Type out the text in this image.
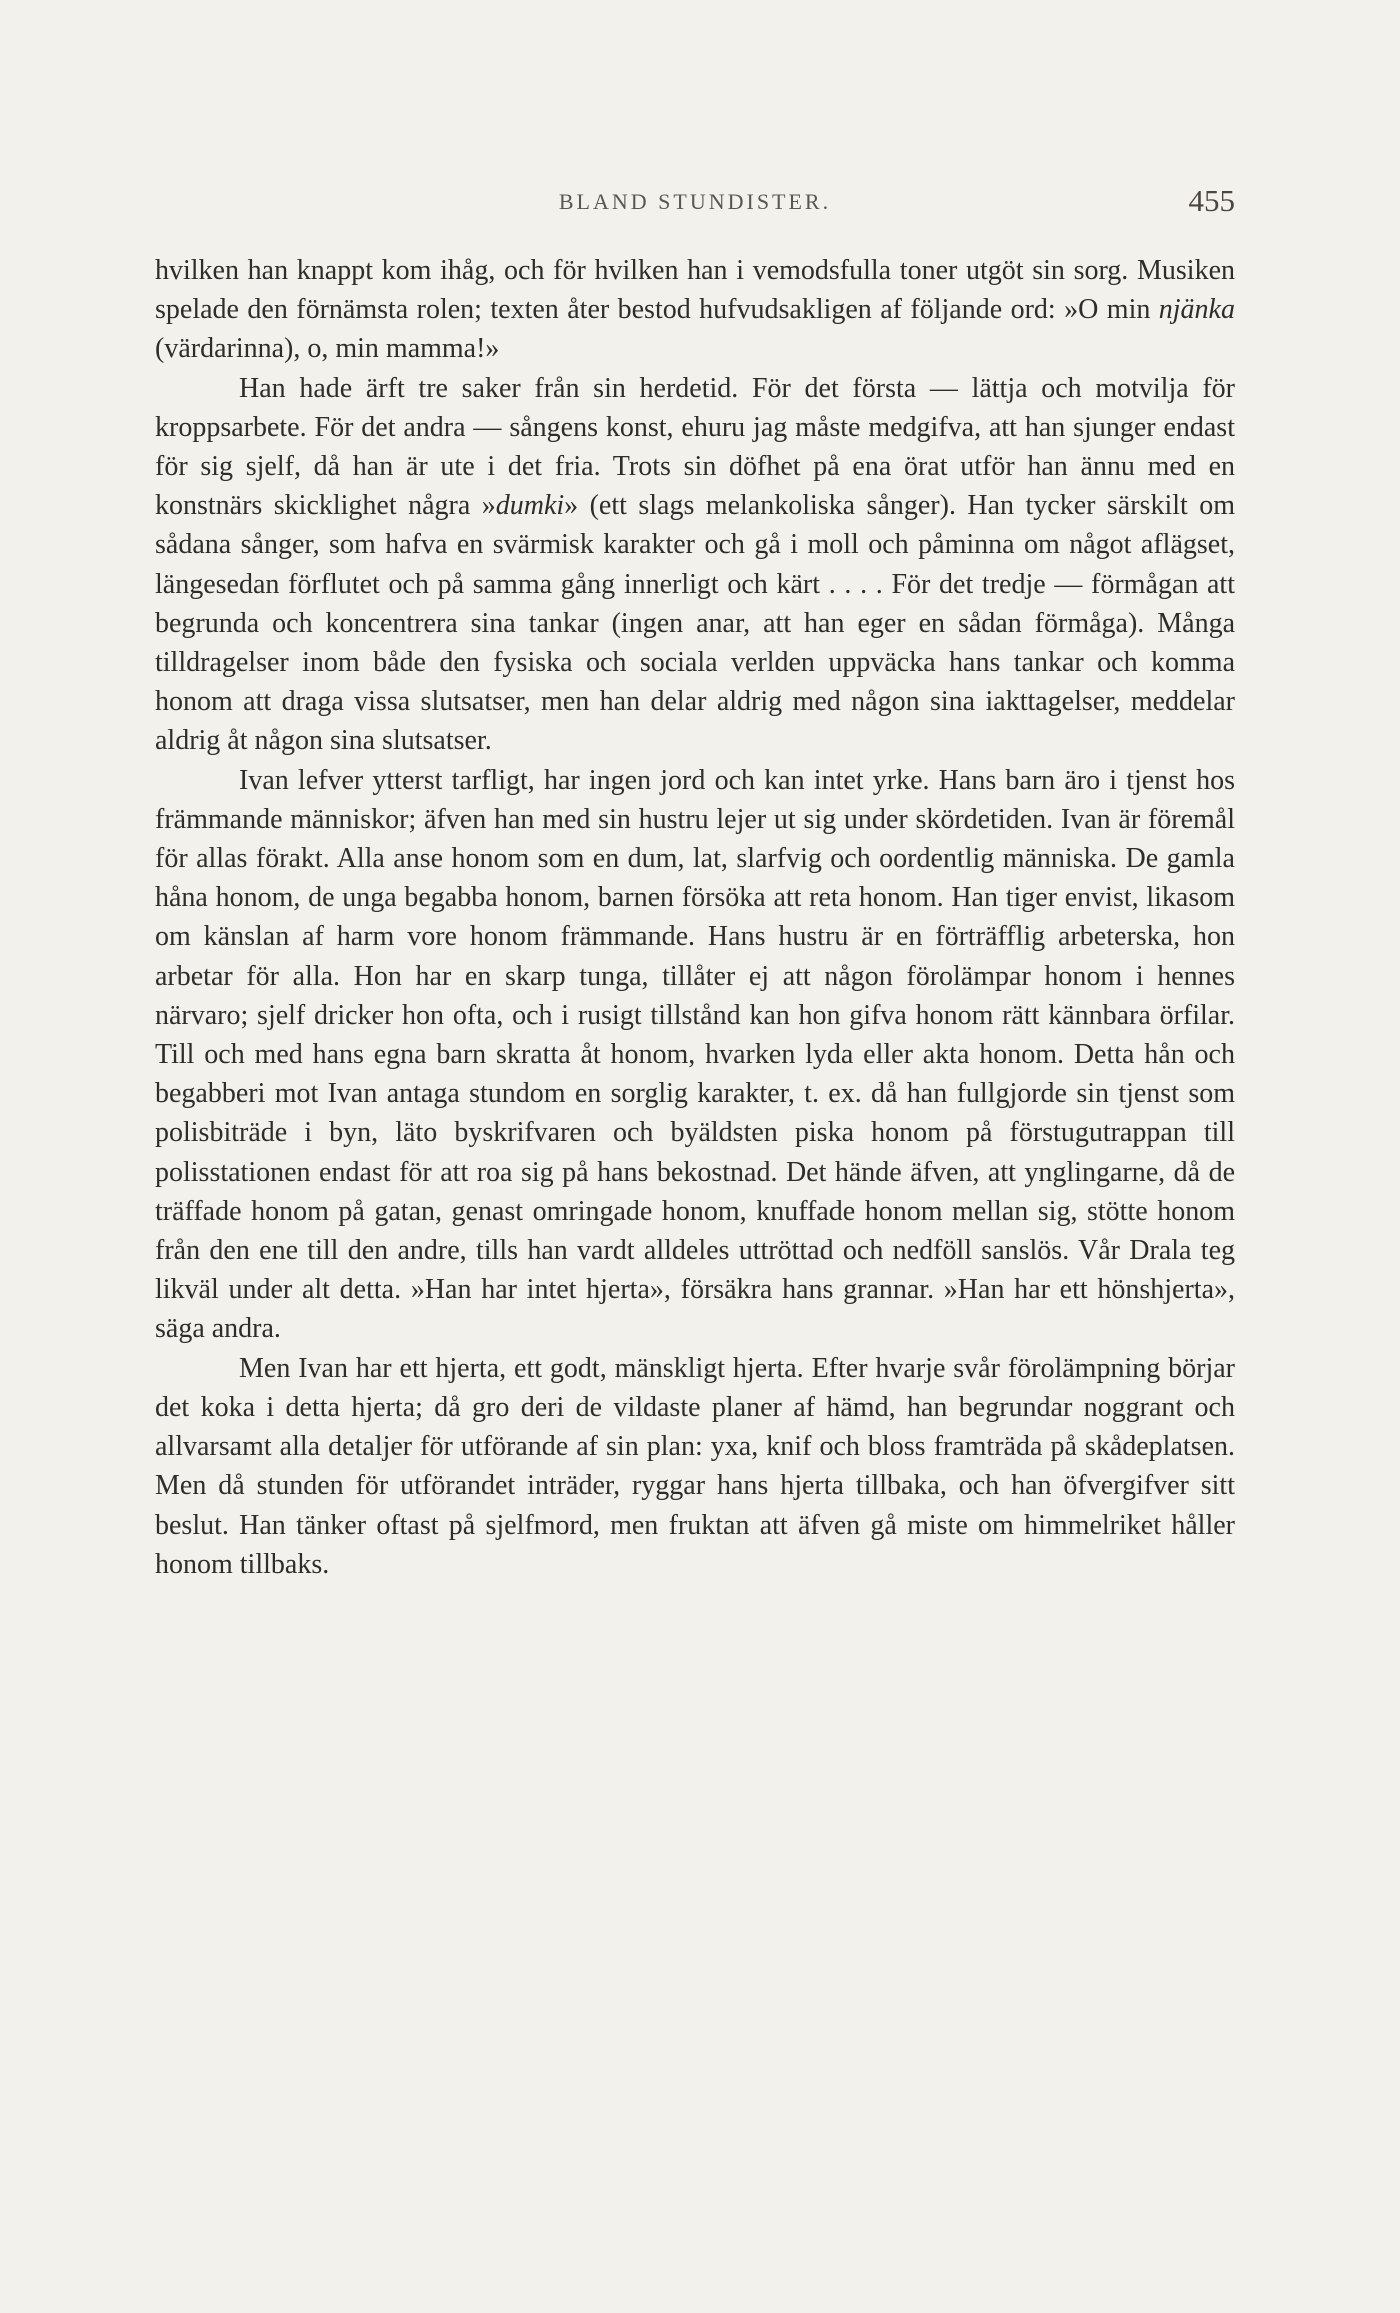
BLAND STUNDISTER.	455

hvilken han knappt kom ihåg, och för hvilken han i vemodsfulla toner utgöt sin sorg. Musiken spelade den förnämsta rolen; texten åter bestod hufvudsakligen af följande ord: »O min njänka (värdarinna), o, min mamma!»

Han hade ärft tre saker från sin herdetid. För det första — lättja och motvilja för kroppsarbete. För det andra — sångens konst, ehuru jag måste medgifva, att han sjunger endast för sig sjelf, då han är ute i det fria. Trots sin döfhet på ena örat utför han ännu med en konstnärs skicklighet några »dumki» (ett slags melankoliska sånger). Han tycker särskilt om sådana sånger, som hafva en svärmisk karakter och gå i moll och påminna om något aflägset, längesedan förflutet och på samma gång innerligt och kärt . . . . För det tredje — förmågan att begrunda och koncentrera sina tankar (ingen anar, att han eger en sådan förmåga). Många tilldragelser inom både den fysiska och sociala verlden uppväcka hans tankar och komma honom att draga vissa slutsatser, men han delar aldrig med någon sina iakttagelser, meddelar aldrig åt någon sina slutsatser.

Ivan lefver ytterst tarfligt, har ingen jord och kan intet yrke. Hans barn äro i tjenst hos främmande människor; äfven han med sin hustru lejer ut sig under skördetiden. Ivan är föremål för allas förakt. Alla anse honom som en dum, lat, slarfvig och oordentlig människa. De gamla håna honom, de unga begabba honom, barnen försöka att reta honom. Han tiger envist, likasom om känslan af harm vore honom främmande. Hans hustru är en förträfflig arbeterska, hon arbetar för alla. Hon har en skarp tunga, tillåter ej att någon förolämpar honom i hennes närvaro; sjelf dricker hon ofta, och i rusigt tillstånd kan hon gifva honom rätt kännbara örfilar. Till och med hans egna barn skratta åt honom, hvarken lyda eller akta honom. Detta hån och begabberi mot Ivan antaga stundom en sorglig karakter, t. ex. då han fullgjorde sin tjenst som polisbiträde i byn, läto byskrifvaren och byäldsten piska honom på förstugutrappan till polisstationen endast för att roa sig på hans bekostnad. Det hände äfven, att ynglingarne, då de träffade honom på gatan, genast omringade honom, knuffade honom mellan sig, stötte honom från den ene till den andre, tills han vardt alldeles uttröttad och nedföll sanslös. Vår Drala teg likväl under alt detta. »Han har intet hjerta», försäkra hans grannar. »Han har ett hönshjerta», säga andra.

Men Ivan har ett hjerta, ett godt, mänskligt hjerta. Efter hvarje svår förolämpning börjar det koka i detta hjerta; då gro deri de vildaste planer af hämd, han begrundar noggrant och allvarsamt alla detaljer för utförande af sin plan: yxa, knif och bloss framträda på skådeplatsen. Men då stunden för utförandet inträder, ryggar hans hjerta tillbaka, och han öfvergifver sitt beslut. Han tänker oftast på sjelfmord, men fruktan att äfven gå miste om himmelriket håller honom tillbaks.
